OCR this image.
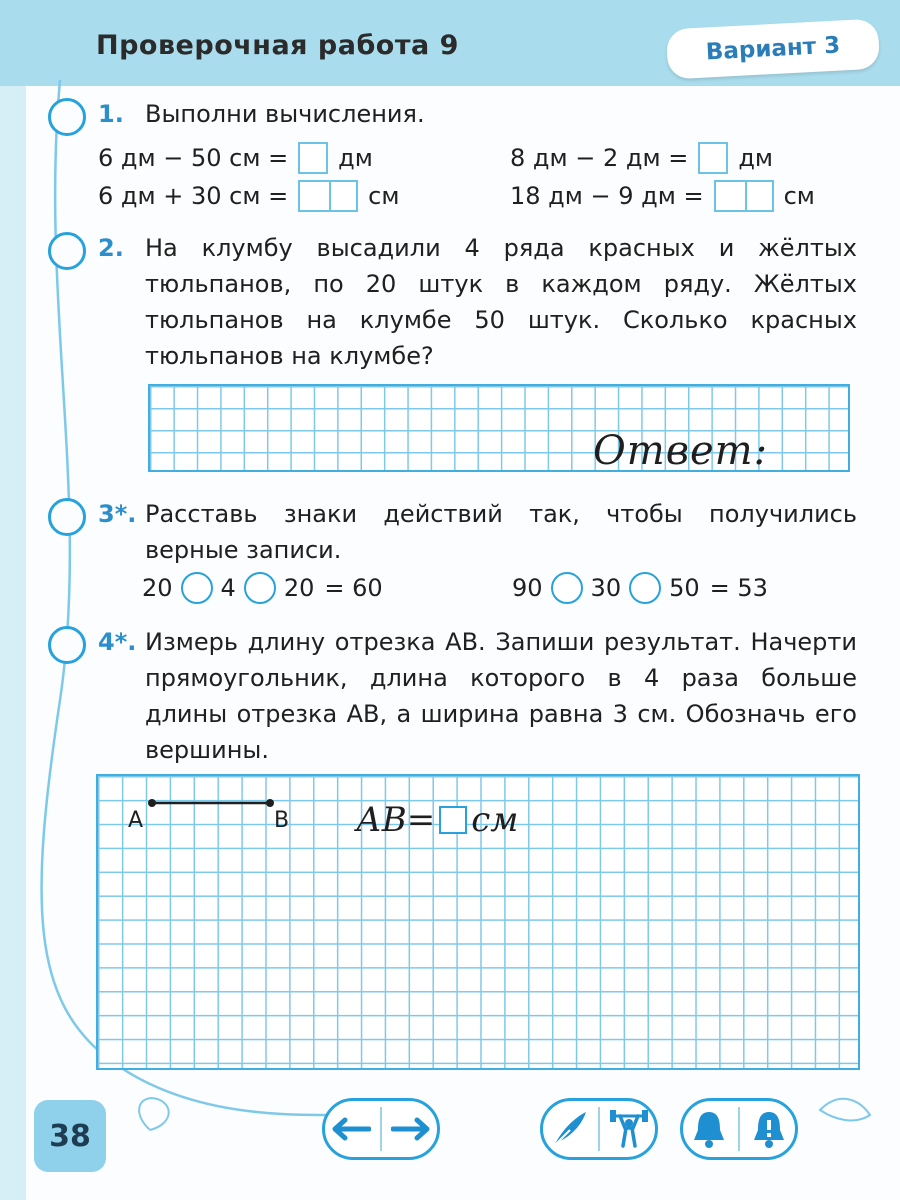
Проверочная работа 9	Вариант 3
1. Выполни вычисления.
6 дм − 50 см = дм	8 дм − 2 дм = дм
6 дм + 30 см =	см	18 дм − 9 дм =	см
2. На клумбу высадили 4 ряда красных и жёлтых тюльпанов, по 20 штук в каждом ряду. Жёлтых тюльпанов на клумбе 50 штук. Сколько красных тюльпанов на клумбе?
Ответ:
3*. Расставь знаки действий так, чтобы получились верные записи.
20 4 20 = 60	90 30 50 = 53
4*. Измерь длину отрезка АВ. Запиши результат. Начерти прямоугольник, длина которого в 4 раза больше длины отрезка АВ, а ширина равна 3 см. Обозначь его вершины.
А	В АВ= см
38
